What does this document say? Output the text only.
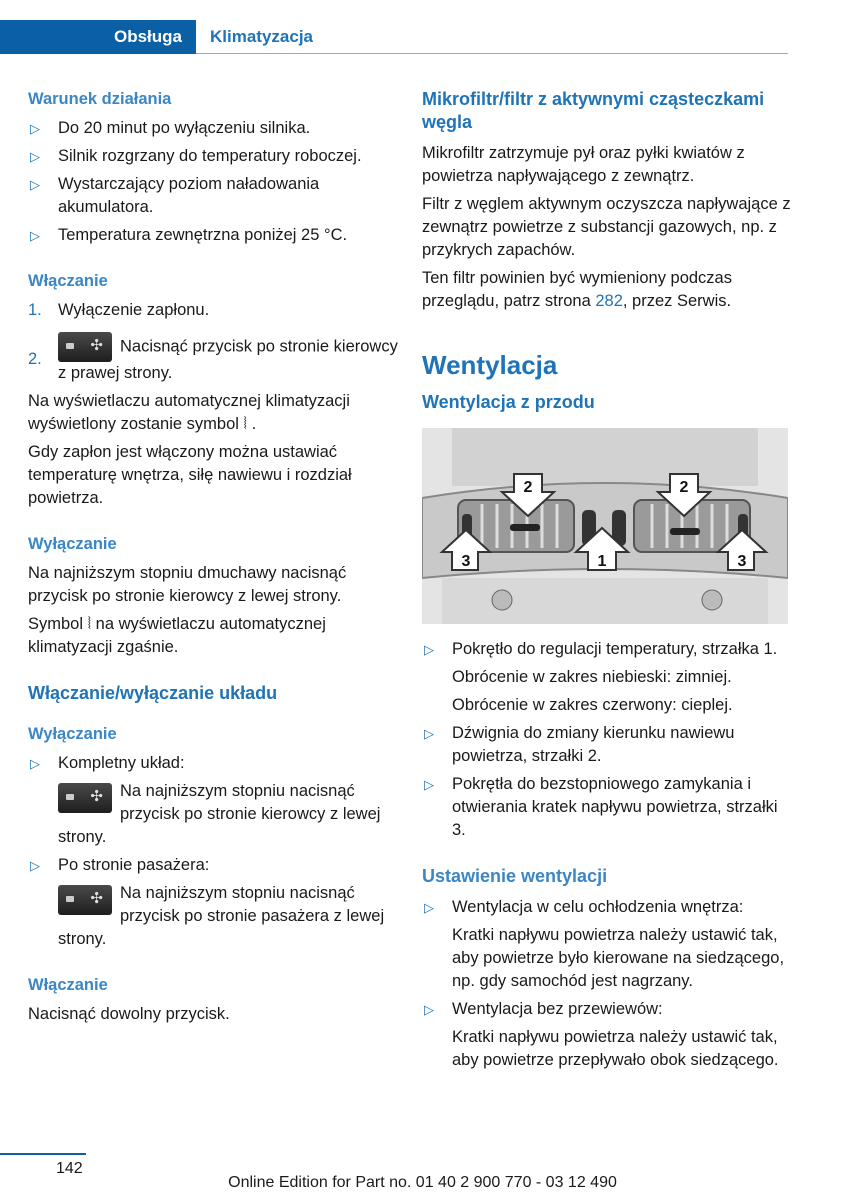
Obsługa Klimatyzacja
Warunek działania
▷ Do 20 minut po wyłączeniu silnika.
▷ Silnik rozgrzany do temperatury roboczej.
▷ Wystarczający poziom naładowania akumulatora.
▷ Temperatura zewnętrzna poniżej 25 °C.
Włączanie
1. Wyłączenie zapłonu.
2.
✣ Nacisnąć przycisk po stronie kierowcy z prawej strony.

Na wyświetlaczu automatycznej klimatyzacji wyświetlony zostanie symbol ⦚ .

Gdy zapłon jest włączony można ustawiać temperaturę wnętrza, siłę nawiewu i rozdział powietrza.

Wyłączanie

Na najniższym stopniu dmuchawy nacisnąć przycisk po stronie kierowcy z lewej strony.

Symbol ⦚ na wyświetlaczu automatycznej klimatyzacji zgaśnie.

Włączanie/wyłączanie układu
Wyłączanie
▷ Kompletny układ:
✣ Na najniższym stopniu nacisnąć przycisk po stronie kierowcy z lewej

strony.

▷ Po stronie pasażera:
✣ Na najniższym stopniu nacisnąć przycisk po stronie pasażera z lewej

strony.

Włączanie

Nacisnąć dowolny przycisk.

Mikrofiltr/filtr z aktywnymi cząsteczkami węgla

Mikrofiltr zatrzymuje pył oraz pyłki kwiatów z powietrza napływającego z zewnątrz.

Filtr z węglem aktywnym oczyszcza napływające z zewnątrz powietrze z substancji gazowych, np. z przykrych zapachów.

Ten filtr powinien być wymieniony podczas przeglądu, patrz strona 282, przez Serwis.

Wentylacja
Wentylacja z przodu
2	2
3	1	3
▷ Pokrętło do regulacji temperatury, strzałka 1.

Obrócenie w zakres niebieski: zimniej.

Obrócenie w zakres czerwony: cieplej.

▷ Dźwignia do zmiany kierunku nawiewu powietrza, strzałki 2.
▷ Pokrętła do bezstopniowego zamykania i otwierania kratek napływu powietrza, strzałki 3.
Ustawienie wentylacji
▷ Wentylacja w celu ochłodzenia wnętrza:

Kratki napływu powietrza należy ustawić tak, aby powietrze było kierowane na siedzącego, np. gdy samochód jest nagrzany.

▷ Wentylacja bez przewiewów:

Kratki napływu powietrza należy ustawić tak, aby powietrze przepływało obok siedzącego.

142
Online Edition for Part no. 01 40 2 900 770 - 03 12 490
